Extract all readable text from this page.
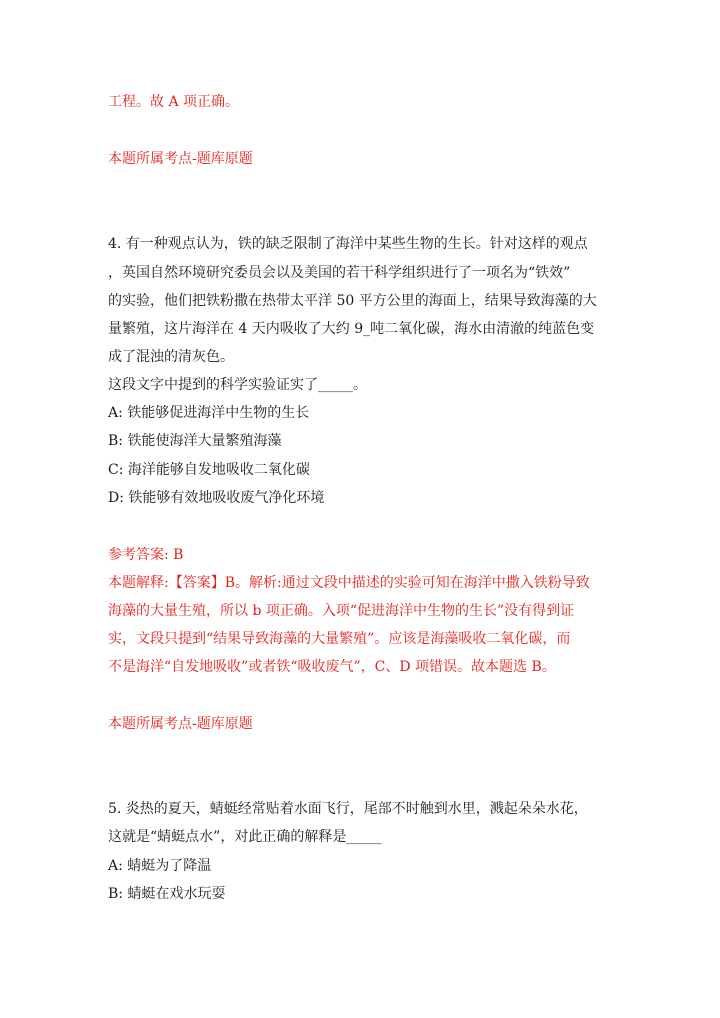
工程。故 A 项正确。
本题所属考点-题库原题
4. 有一种观点认为，铁的缺乏限制了海洋中某些生物的生长。针对这样的观点
，英国自然环境研究委员会以及美国的若干科学组织进行了一项名为“铁效”
的实验，他们把铁粉撒在热带太平洋 50 平方公里的海面上，结果导致海藻的大
量繁殖，这片海洋在 4 天内吸收了大约 9_吨二氧化碳，海水由清澈的纯蓝色变
成了混浊的清灰色。
这段文字中提到的科学实验证实了_____。
A: 铁能够促进海洋中生物的生长
B: 铁能使海洋大量繁殖海藻
C: 海洋能够自发地吸收二氧化碳
D: 铁能够有效地吸收废气净化环境
参考答案: B
本题解释:【答案】B。解析:通过文段中描述的实验可知在海洋中撒入铁粉导致
海藻的大量生殖，所以 b 项正确。入项“促进海洋中生物的生长”没有得到证
实，文段只提到“结果导致海藻的大量繁殖”。应该是海藻吸收二氧化碳，而
不是海洋“自发地吸收”或者铁“吸收废气”，C、D 项错误。故本题选 B。
本题所属考点-题库原题
5. 炎热的夏天，蜻蜓经常贴着水面飞行，尾部不时触到水里，溅起朵朵水花，
这就是“蜻蜓点水”，对此正确的解释是_____
A: 蜻蜓为了降温
B: 蜻蜓在戏水玩耍
